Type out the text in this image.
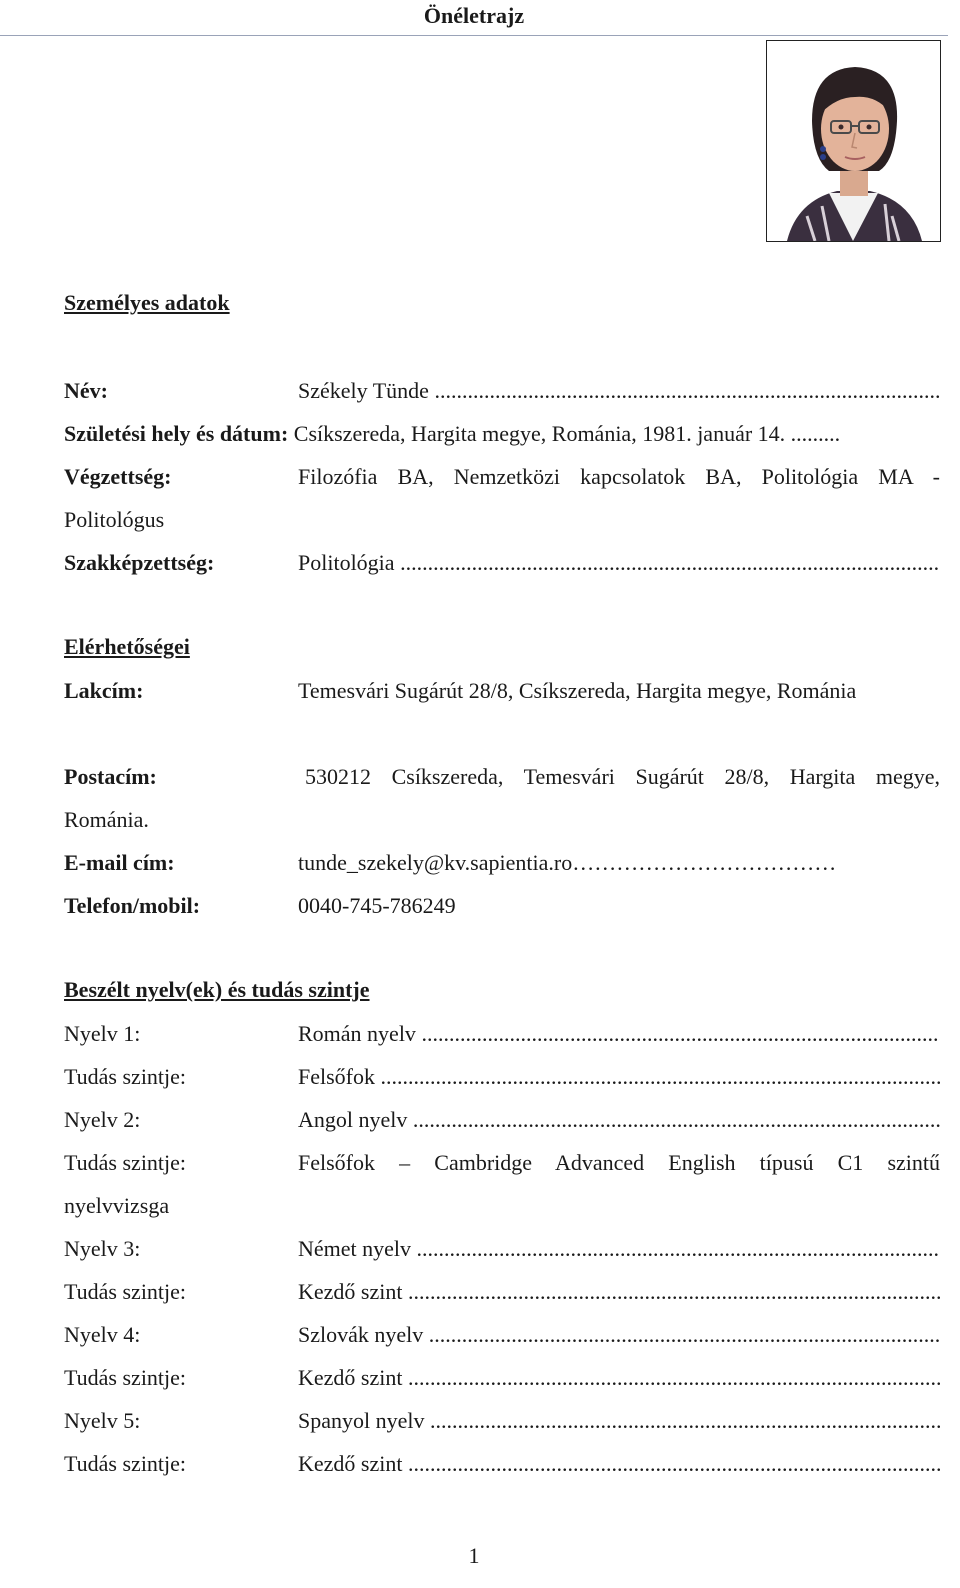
Önéletrajz
Személyes adatok
Név:	Székely Tünde .....
Születési hely és dátum: Csíkszereda, Hargita megye, Románia, 1981. január 14. .........
Végzettség:	Filozófia BA, Nemzetközi kapcsolatok BA, Politológia MA -
Politológus
Szakképzettség:	Politológia .....
Elérhetőségei
Lakcím:	Temesvári Sugárút 28/8, Csíkszereda, Hargita megye, Románia
Postacím:	530212 Csíkszereda, Temesvári Sugárút 28/8, Hargita megye,
Románia.
E-mail cím:	tunde_szekely@kv.sapientia.ro………………………………
Telefon/mobil:	0040-745-786249
Beszélt nyelv(ek) és tudás szintje
Nyelv 1:	Román nyelv .....
Tudás szintje:	Felsőfok .....
Nyelv 2:	Angol nyelv .....
Tudás szintje:	Felsőfok – Cambridge Advanced English típusú C1 szintű
nyelvvizsga
Nyelv 3:	Német nyelv .....
Tudás szintje:	Kezdő szint .....
Nyelv 4:	Szlovák nyelv .....
Tudás szintje:	Kezdő szint .....
Nyelv 5:	Spanyol nyelv .....
Tudás szintje:	Kezdő szint .....
1
